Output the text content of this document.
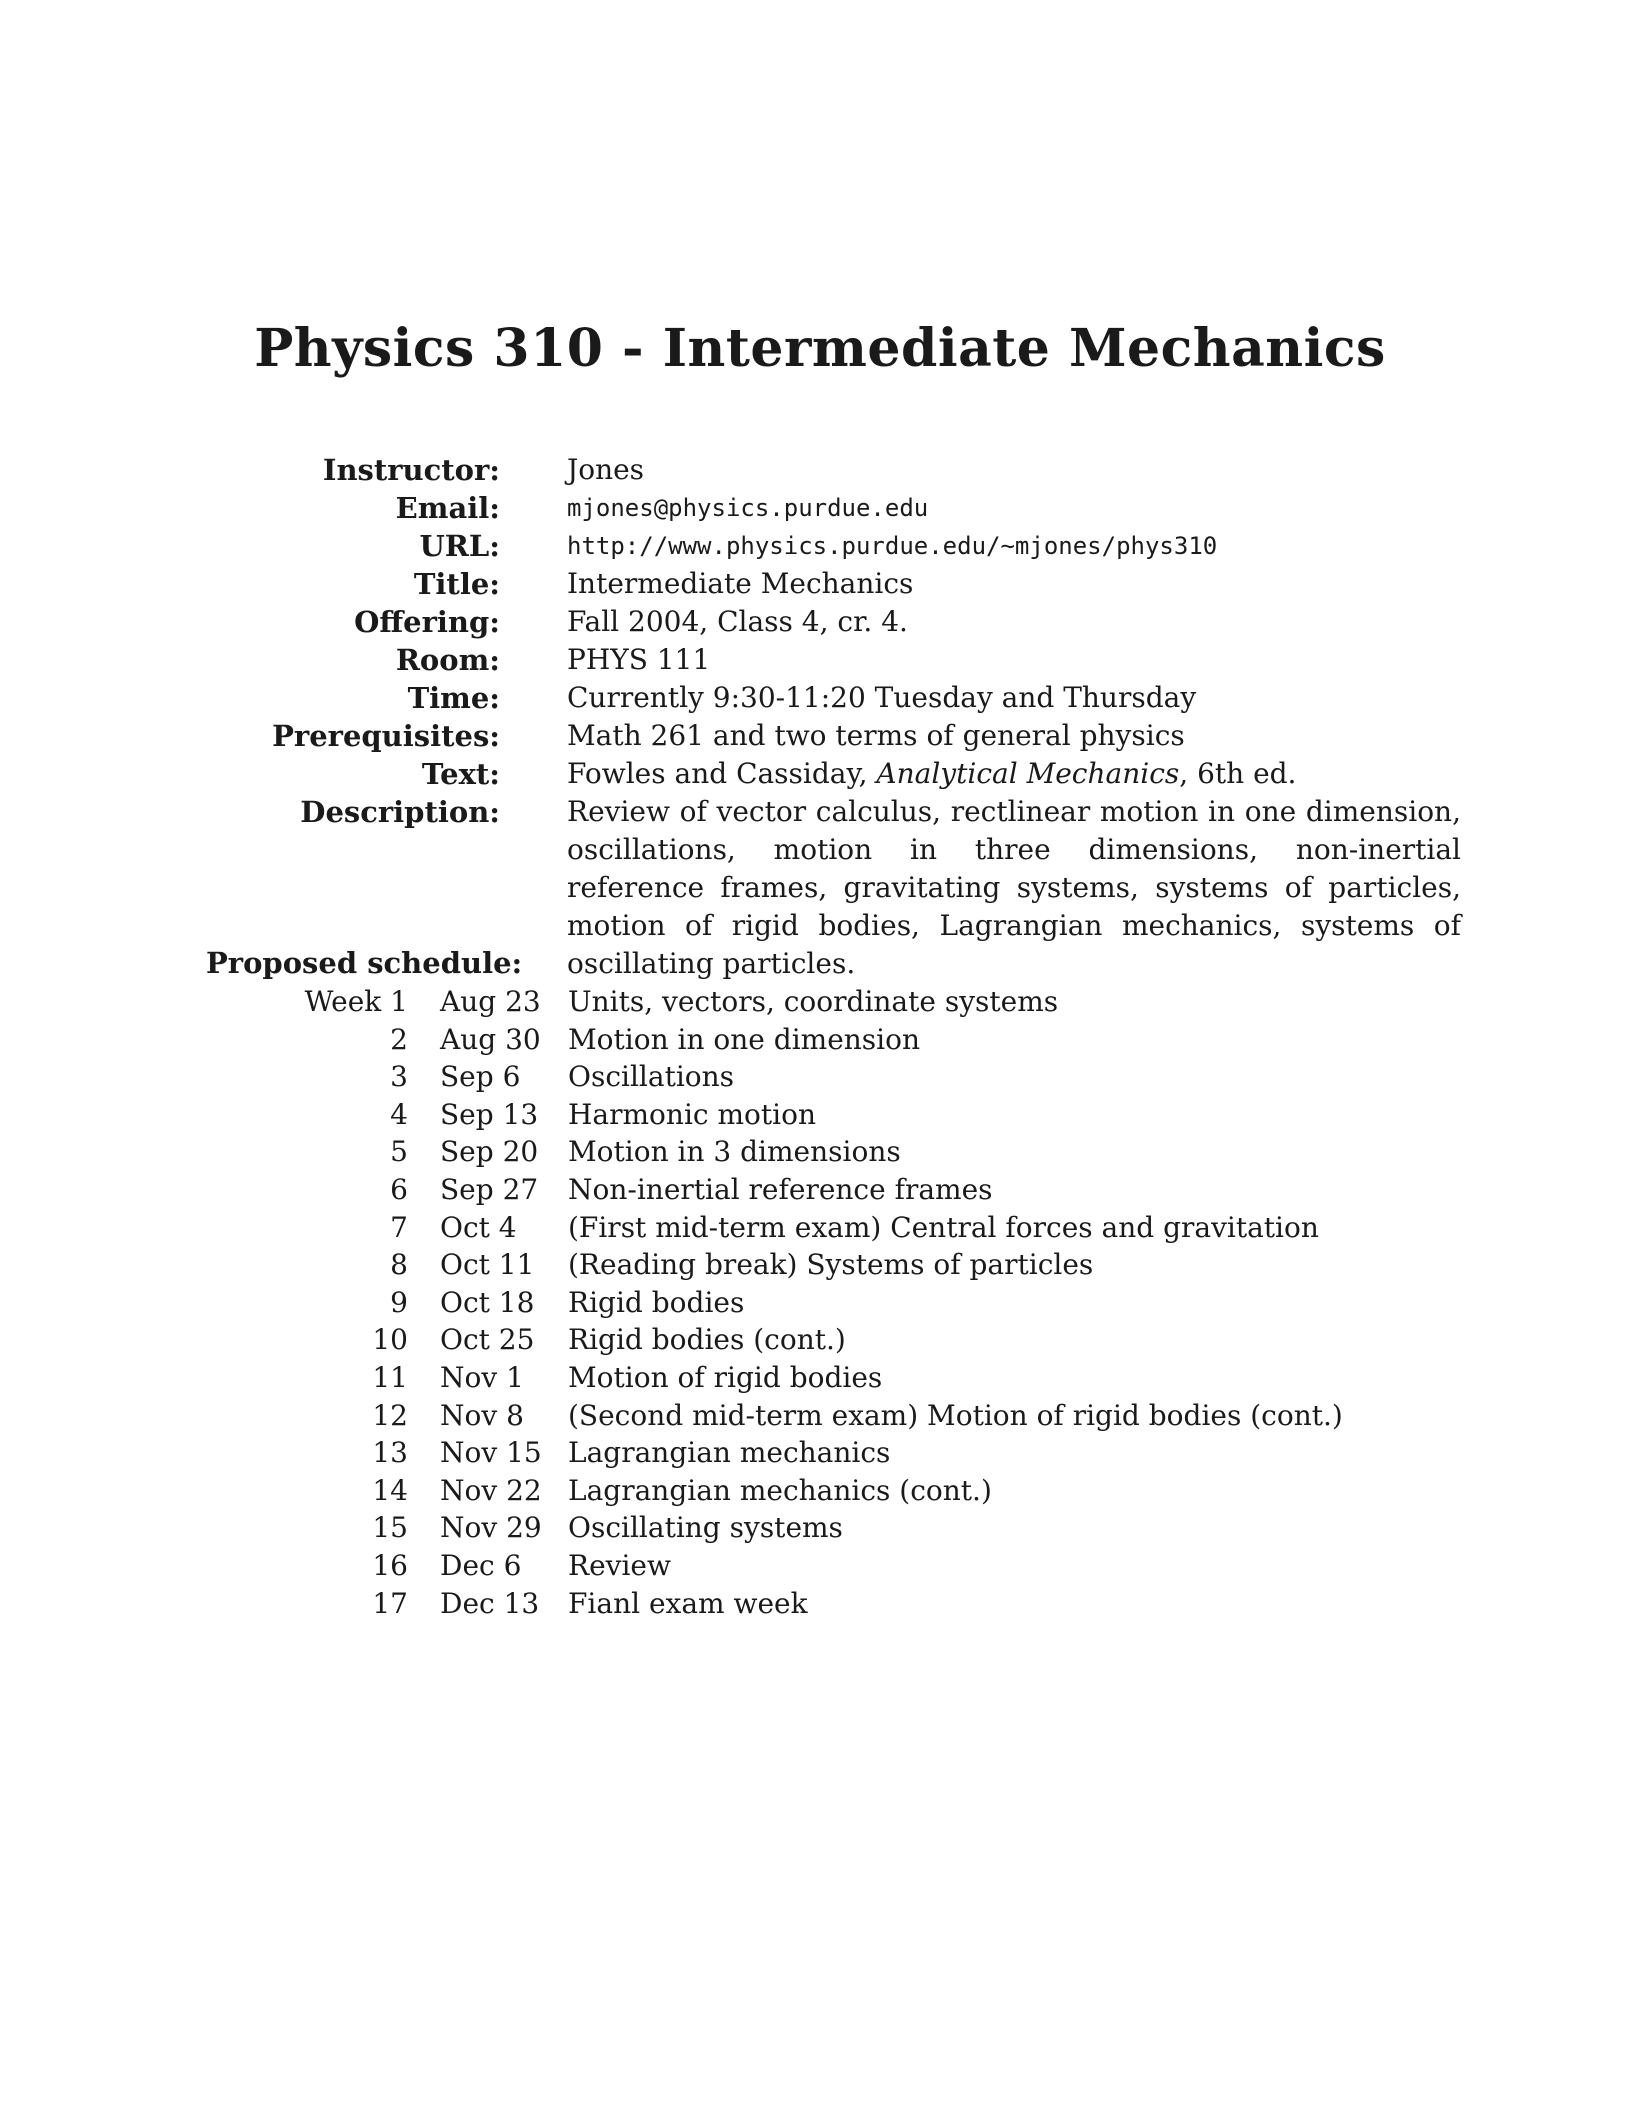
Physics 310 - Intermediate Mechanics
Instructor: Jones
Email:	mjones@physics.purdue.edu
URL:	http://www.physics.purdue.edu/∼mjones/phys310
Title: Intermediate Mechanics
Offering: Fall 2004, Class 4, cr. 4.
Room: PHYS 111
Time: Currently 9:30-11:20 Tuesday and Thursday
Prerequisites: Math 261 and two terms of general physics
Text: Fowles and Cassiday, Analytical Mechanics, 6th ed.
Description: Review of vector calculus, rectlinear motion in one dimension, oscillations, motion in three dimensions, non-inertial reference frames, gravitating systems, systems of particles, motion of rigid bodies, Lagrangian mechanics, systems of oscillating particles.
Proposed schedule:
Week 1 Aug 23 Units, vectors, coordinate systems
2 Aug 30 Motion in one dimension
3 Sep 6 Oscillations
4 Sep 13 Harmonic motion
5 Sep 20 Motion in 3 dimensions
6 Sep 27 Non-inertial reference frames
7 Oct 4 (First mid-term exam) Central forces and gravitation
8 Oct 11 (Reading break) Systems of particles
9 Oct 18 Rigid bodies
10 Oct 25 Rigid bodies (cont.)
11 Nov 1 Motion of rigid bodies
12 Nov 8 (Second mid-term exam) Motion of rigid bodies (cont.)
13 Nov 15 Lagrangian mechanics
14 Nov 22 Lagrangian mechanics (cont.)
15 Nov 29 Oscillating systems
16 Dec 6 Review
17 Dec 13 Fianl exam week
